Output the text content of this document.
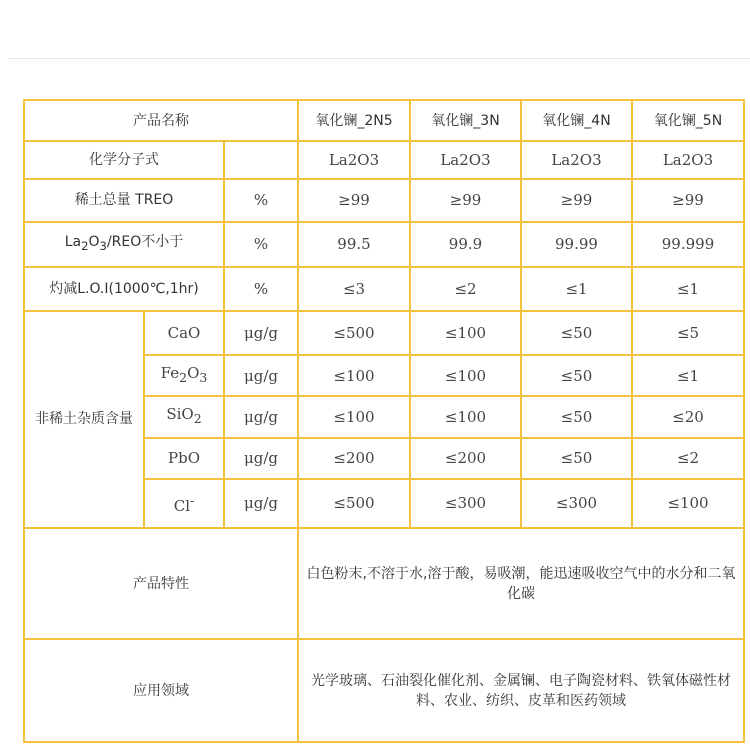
产品名称			氧化镧_2N5	氧化镧_3N	氧化镧_4N	氧化镧_5N
化学分子式			La2O3	La2O3	La2O3	La2O3
稀土总量 TREO		%	≥99	≥99	≥99	≥99
$La_2O_3$/REO不小于		%	99.5	99.9	99.99	99.999
灼减L.O.I(1000℃,1hr)		%	≤3	≤2	≤1	≤1
非稀土杂质含量	CaO	μg/g	≤500	≤100	≤50	≤5
	$Fe_2O_3$	μg/g	≤100	≤100	≤50	≤1
	SiO$_2$	μg/g	≤100	≤100	≤50	≤20
	PbO	μg/g	≤200	≤200	≤50	≤2
	Cl-	μg/g	≤500	≤300	≤300	≤100
产品特性			白色粉末,不溶于水,溶于酸，易吸潮，能迅速吸收空气中的水分和二氧化碳			
应用领域			光学玻璃、石油裂化催化剂、金属镧、电子陶瓷材料、铁氧体磁性材料、农业、纺织、皮革和医药领域			
